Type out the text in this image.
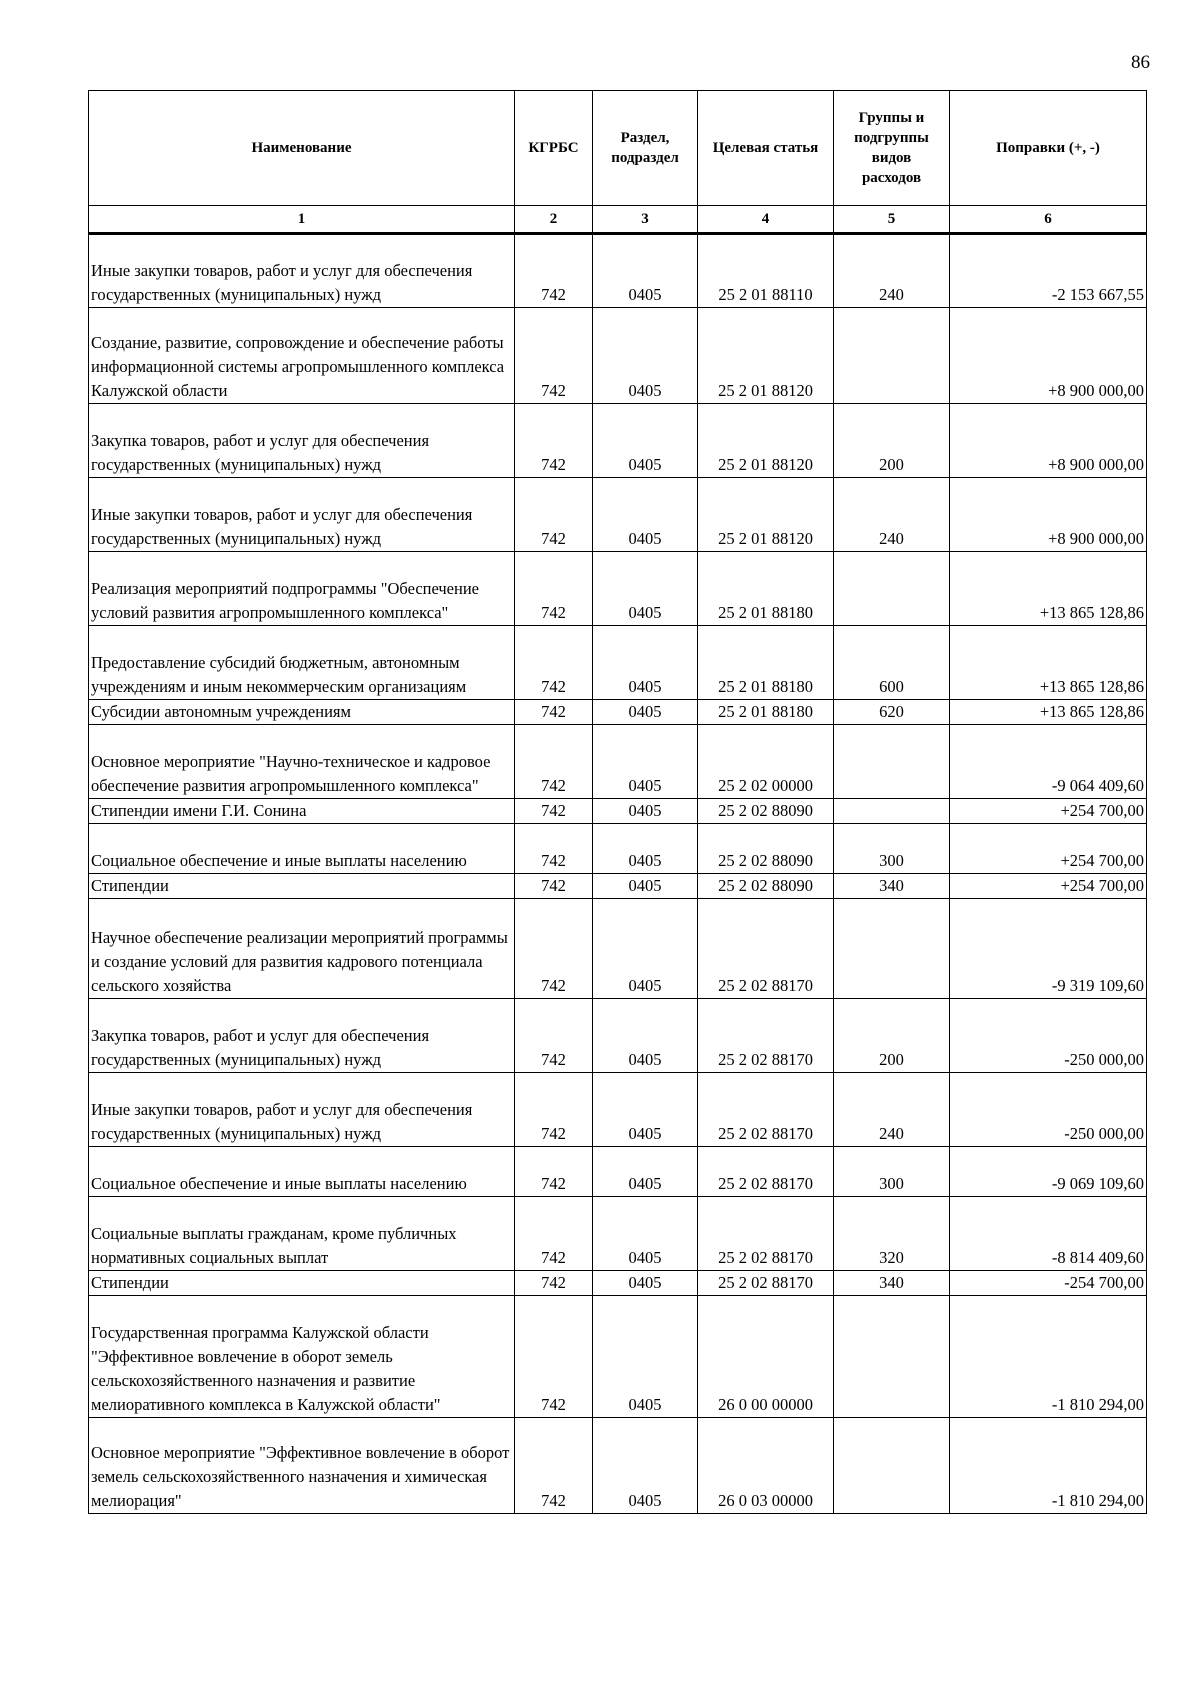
86
Наименование	КГРБС	Раздел, подраздел	Целевая статья	Группы и подгруппы видов расходов	Поправки (+, -)
1	2	3	4	5	6
Иные закупки товаров, работ и услуг для обеспечения государственных (муниципальных) нужд	742	0405	25 2 01 88110	240	-2 153 667,55
Создание, развитие, сопровождение и обеспечение работы информационной системы агропромышленного комплекса Калужской области	742	0405	25 2 01 88120		+8 900 000,00
Закупка товаров, работ и услуг для обеспечения государственных (муниципальных) нужд	742	0405	25 2 01 88120	200	+8 900 000,00
Иные закупки товаров, работ и услуг для обеспечения государственных (муниципальных) нужд	742	0405	25 2 01 88120	240	+8 900 000,00
Реализация мероприятий подпрограммы "Обеспечение условий развития агропромышленного комплекса"	742	0405	25 2 01 88180		+13 865 128,86
Предоставление субсидий бюджетным, автономным учреждениям и иным некоммерческим организациям	742	0405	25 2 01 88180	600	+13 865 128,86
Субсидии автономным учреждениям	742	0405	25 2 01 88180	620	+13 865 128,86
Основное мероприятие "Научно-техническое и кадровое обеспечение развития агропромышленного комплекса"	742	0405	25 2 02 00000		-9 064 409,60
Стипендии имени Г.И. Сонина	742	0405	25 2 02 88090		+254 700,00
Социальное обеспечение и иные выплаты населению	742	0405	25 2 02 88090	300	+254 700,00
Стипендии	742	0405	25 2 02 88090	340	+254 700,00
Научное обеспечение реализации мероприятий программы и создание условий для развития кадрового потенциала сельского хозяйства	742	0405	25 2 02 88170		-9 319 109,60
Закупка товаров, работ и услуг для обеспечения государственных (муниципальных) нужд	742	0405	25 2 02 88170	200	-250 000,00
Иные закупки товаров, работ и услуг для обеспечения государственных (муниципальных) нужд	742	0405	25 2 02 88170	240	-250 000,00
Социальное обеспечение и иные выплаты населению	742	0405	25 2 02 88170	300	-9 069 109,60
Социальные выплаты гражданам, кроме публичных нормативных социальных выплат	742	0405	25 2 02 88170	320	-8 814 409,60
Стипендии	742	0405	25 2 02 88170	340	-254 700,00
Государственная программа Калужской области "Эффективное вовлечение в оборот земель сельскохозяйственного назначения и развитие мелиоративного комплекса в Калужской области"	742	0405	26 0 00 00000		-1 810 294,00
Основное мероприятие "Эффективное вовлечение в оборот земель сельскохозяйственного назначения и химическая мелиорация"	742	0405	26 0 03 00000		-1 810 294,00
